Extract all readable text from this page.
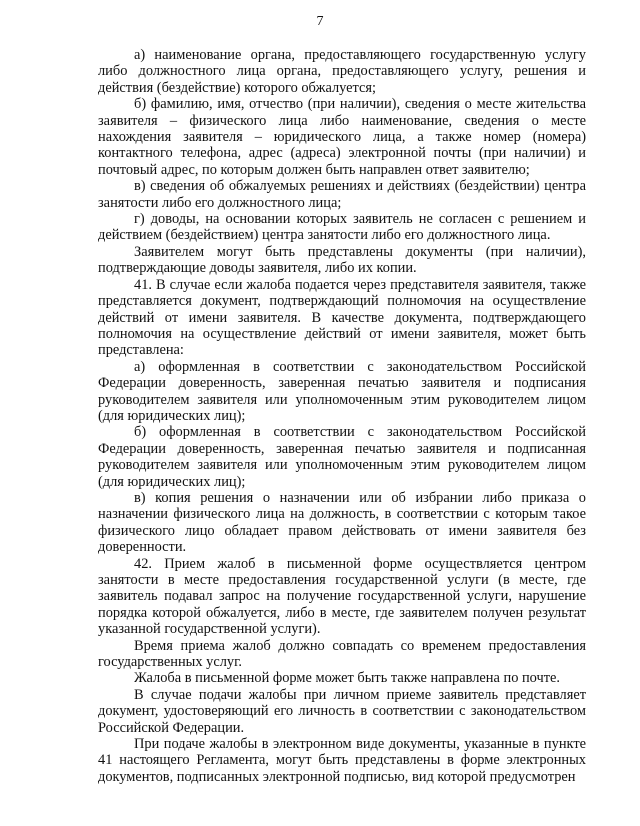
7

а) наименование органа, предоставляющего государственную услугу либо должностного лица органа, предоставляющего услугу, решения и действия (бездействие) которого обжалуется;

б) фамилию, имя, отчество (при наличии), сведения о месте жительства заявителя – физического лица либо наименование, сведения о месте нахождения заявителя – юридического лица, а также номер (номера) контактного телефона, адрес (адреса) электронной почты (при наличии) и почтовый адрес, по которым должен быть направлен ответ заявителю;

в) сведения об обжалуемых решениях и действиях (бездействии) центра занятости либо его должностного лица;

г) доводы, на основании которых заявитель не согласен с решением и действием (бездействием) центра занятости либо его должностного лица.

Заявителем могут быть представлены документы (при наличии), подтверждающие доводы заявителя, либо их копии.

41. В случае если жалоба подается через представителя заявителя, также представляется документ, подтверждающий полномочия на осуществление действий от имени заявителя. В качестве документа, подтверждающего полномочия на осуществление действий от имени заявителя, может быть представлена:

а) оформленная в соответствии с законодательством Российской Федерации доверенность, заверенная печатью заявителя и подписания руководителем заявителя или уполномоченным этим руководителем лицом (для юридических лиц);

б) оформленная в соответствии с законодательством Российской Федерации доверенность, заверенная печатью заявителя и подписанная руководителем заявителя или уполномоченным этим руководителем лицом (для юридических лиц);

в) копия решения о назначении или об избрании либо приказа о назначении физического лица на должность, в соответствии с которым такое физического лицо обладает правом действовать от имени заявителя без доверенности.

42. Прием жалоб в письменной форме осуществляется центром занятости в месте предоставления государственной услуги (в месте, где заявитель подавал запрос на получение государственной услуги, нарушение порядка которой обжалуется, либо в месте, где заявителем получен результат указанной государственной услуги).

Время приема жалоб должно совпадать со временем предоставления государственных услуг.

Жалоба в письменной форме может быть также направлена по почте.

В случае подачи жалобы при личном приеме заявитель представляет документ, удостоверяющий его личность в соответствии с законодательством Российской Федерации.

При подаче жалобы в электронном виде документы, указанные в пункте 41 настоящего Регламента, могут быть представлены в форме электронных документов, подписанных электронной подписью, вид которой предусмотрен
